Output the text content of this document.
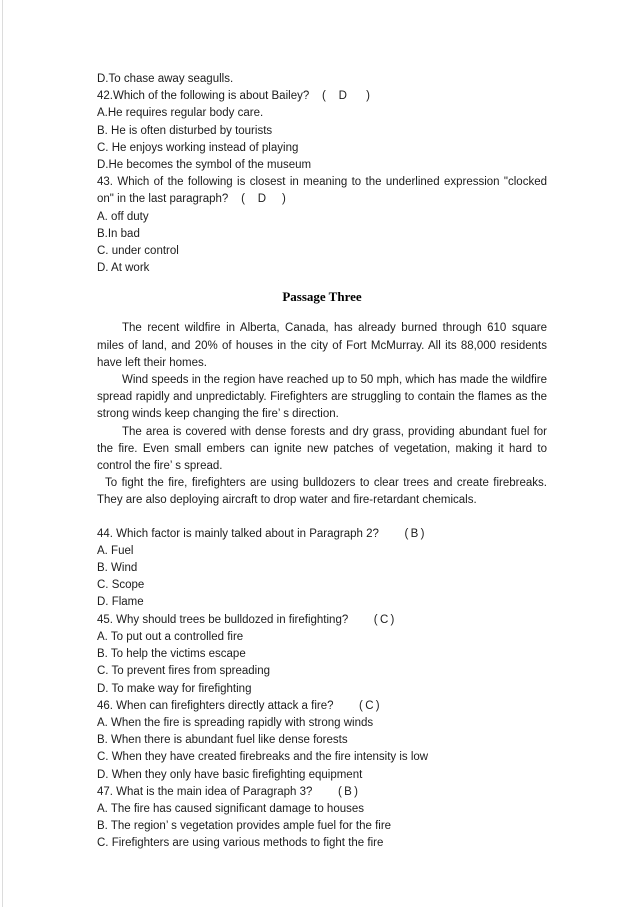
D.To chase away seagulls.
42.Which of the following is about Bailey?    (    D      )
A.He requires regular body care.
B. He is often disturbed by tourists
C. He enjoys working instead of playing
D.He becomes the symbol of the museum
43. Which of the following is closest in meaning to the underlined expression "clocked on" in the last paragraph?    (    D     )
A. off duty
B.In bad
C. under control
D. At work
Passage Three
The recent wildfire in Alberta, Canada, has already burned through 610 square miles of land, and 20% of houses in the city of Fort McMurray. All its 88,000 residents have left their homes.
Wind speeds in the region have reached up to 50 mph, which has made the wildfire spread rapidly and unpredictably. Firefighters are struggling to contain the flames as the strong winds keep changing the fire’ s direction.
The area is covered with dense forests and dry grass, providing abundant fuel for the fire. Even small embers can ignite new patches of vegetation, making it hard to control the fire’ s spread.
To fight the fire, firefighters are using bulldozers to clear trees and create firebreaks. They are also deploying aircraft to drop water and fire-retardant chemicals.
44. Which factor is mainly talked about in Paragraph 2?        ( B )
A. Fuel
B. Wind
C. Scope
D. Flame
45. Why should trees be bulldozed in firefighting?        ( C )
A. To put out a controlled fire
B. To help the victims escape
C. To prevent fires from spreading
D. To make way for firefighting
46. When can firefighters directly attack a fire?        ( C )
A. When the fire is spreading rapidly with strong winds
B. When there is abundant fuel like dense forests
C. When they have created firebreaks and the fire intensity is low
D. When they only have basic firefighting equipment
47. What is the main idea of Paragraph 3?        ( B )
A. The fire has caused significant damage to houses
B. The region’ s vegetation provides ample fuel for the fire
C. Firefighters are using various methods to fight the fire
